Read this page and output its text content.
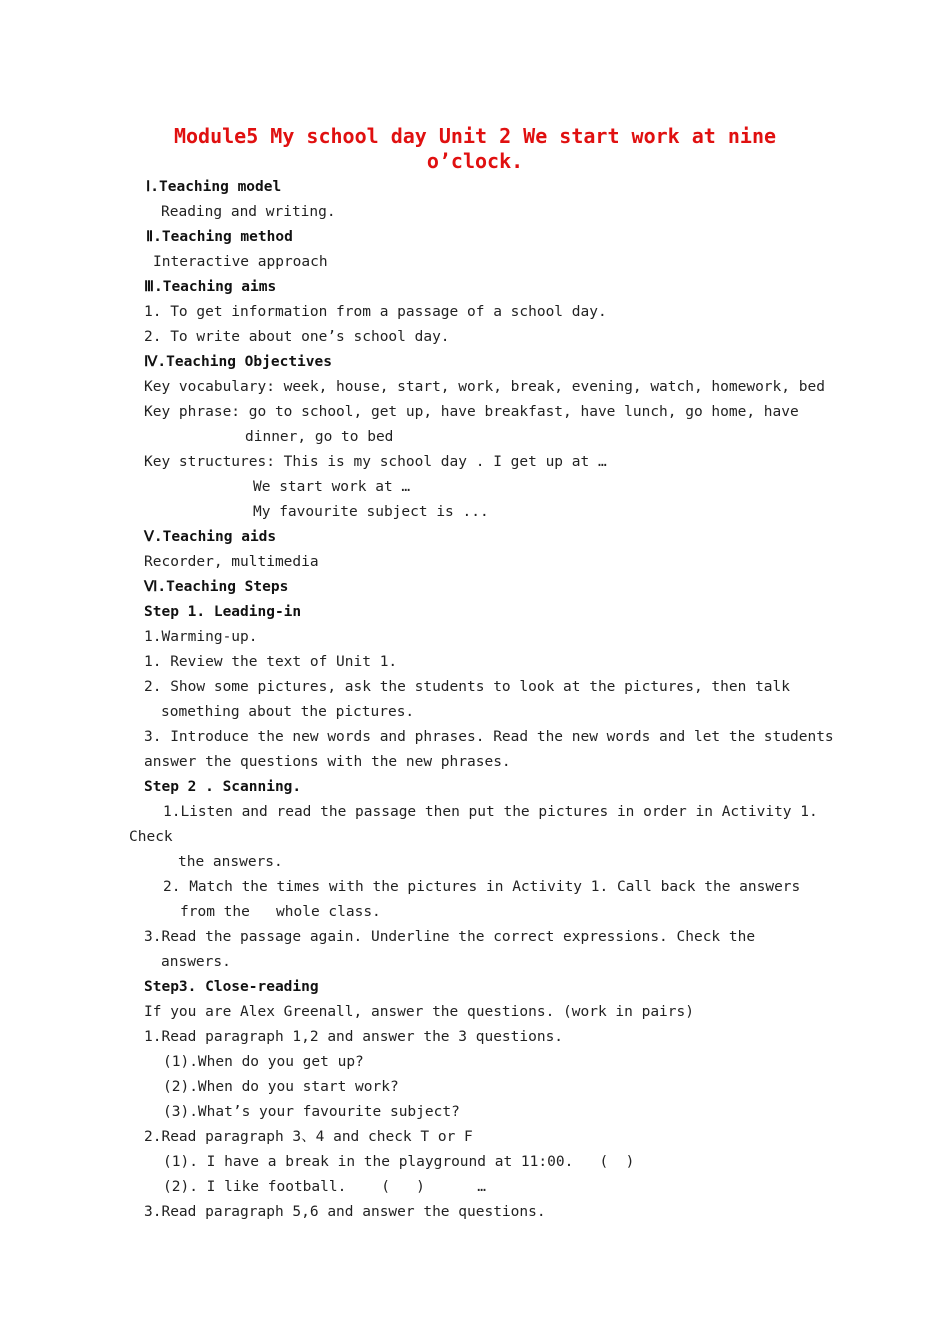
Module5 My school day Unit 2 We start work at nine
o’clock.
Ⅰ.Teaching model
Reading and writing.
Ⅱ.Teaching method
Interactive approach
Ⅲ.Teaching aims
1. To get information from a passage of a school day.
2. To write about one’s school day.
Ⅳ.Teaching Objectives
Key vocabulary: week, house, start, work, break, evening, watch, homework, bed
Key phrase: go to school, get up, have breakfast, have lunch, go home, have
dinner, go to bed
Key structures: This is my school day . I get up at …
We start work at …
My favourite subject is ...
Ⅴ.Teaching aids
Recorder, multimedia
Ⅵ.Teaching Steps
Step 1. Leading-in
1.Warming-up.
1. Review the text of Unit 1.
2. Show some pictures, ask the students to look at the pictures, then talk
something about the pictures.
3. Introduce the new words and phrases. Read the new words and let the students
answer the questions with the new phrases.
Step 2 . Scanning.
1.Listen and read the passage then put the pictures in order in Activity 1.
Check
the answers.
2. Match the times with the pictures in Activity 1. Call back the answers
from the   whole class.
3.Read the passage again. Underline the correct expressions. Check the
answers.
Step3. Close-reading
If you are Alex Greenall, answer the questions. (work in pairs)
1.Read paragraph 1,2 and answer the 3 questions.
(1).When do you get up?
(2).When do you start work?
(3).What’s your favourite subject?
2.Read paragraph 3、4 and check T or F
(1). I have a break in the playground at 11:00.   (  )
(2). I like football.    (   )      …
3.Read paragraph 5,6 and answer the questions.
